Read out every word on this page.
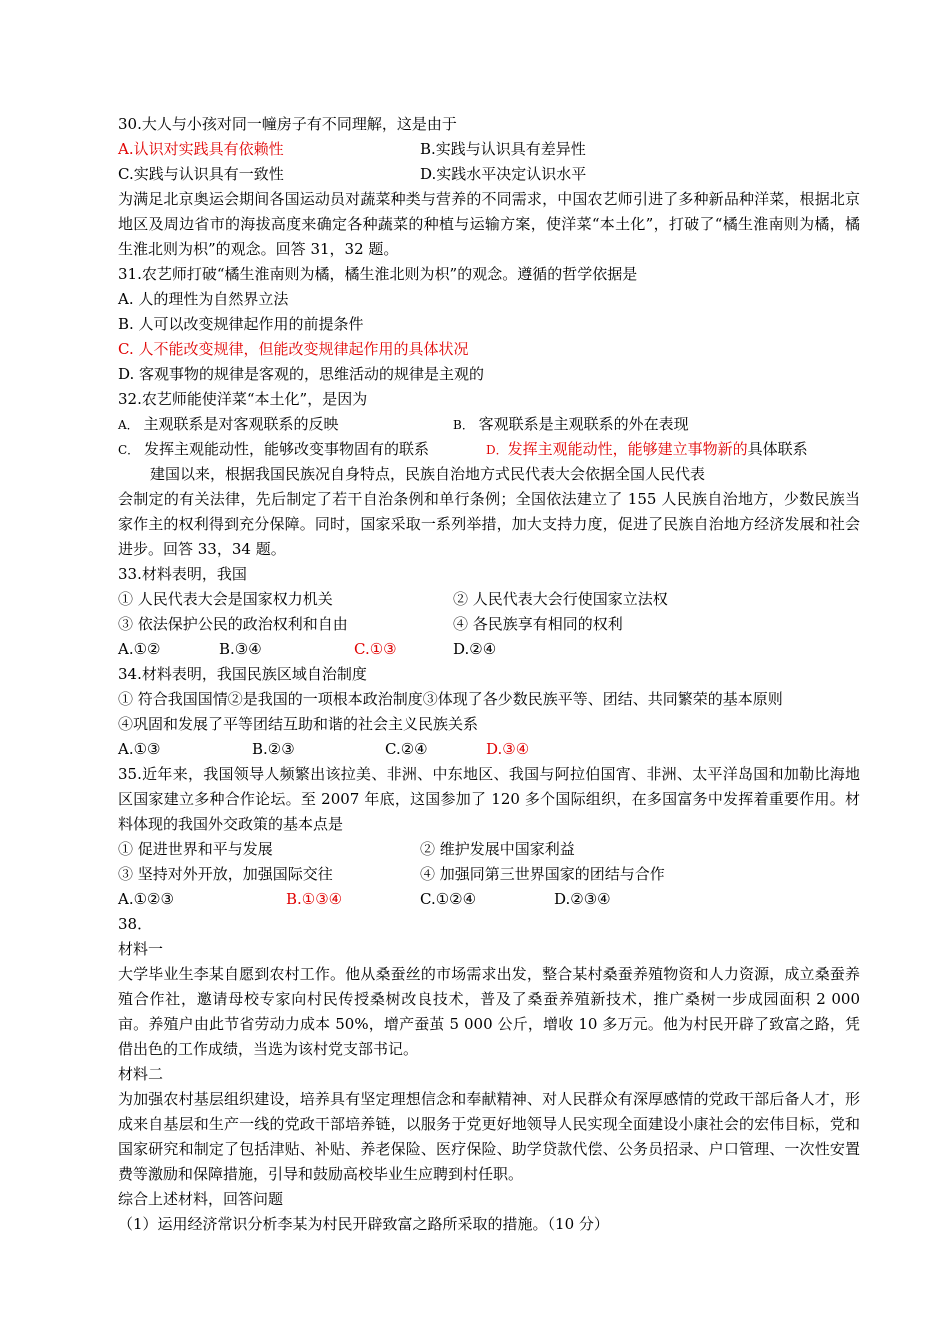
30.大人与小孩对同一幢房子有不同理解，这是由于
A.认识对实践具有依赖性	B.实践与认识具有差异性
C.实践与认识具有一致性	D.实践水平决定认识水平
为满足北京奥运会期间各国运动员对蔬菜种类与营养的不同需求，中国农艺师引进了多种新品种洋菜，根据北京地区及周边省市的海拔高度来确定各种蔬菜的种植与运输方案，使洋菜“本土化”，打破了“橘生淮南则为橘，橘生淮北则为枳”的观念。回答 31，32 题。
31.农艺师打破“橘生淮南则为橘，橘生淮北则为枳”的观念。遵循的哲学依据是
A. 人的理性为自然界立法
B. 人可以改变规律起作用的前提条件
C. 人不能改变规律，但能改变规律起作用的具体状况
D. 客观事物的规律是客观的，思维活动的规律是主观的
32.农艺师能使洋菜“本土化”，是因为
A． 主观联系是对客观联系的反映	B． 客观联系是主观联系的外在表现
C． 发挥主观能动性，能够改变事物固有的联系	D．发挥主观能动性，能够建立事物新的具体联系
建国以来，根据我国民族况自身特点，民族自治地方式民代表大会依据全国人民代表
会制定的有关法律，先后制定了若干自治条例和单行条例；全国依法建立了 155 人民族自治地方，少数民族当家作主的权利得到充分保障。同时，国家采取一系列举措，加大支持力度，促进了民族自治地方经济发展和社会进步。回答 33，34 题。
33.材料表明，我国
① 人民代表大会是国家权力机关	② 人民代表大会行使国家立法权
③ 依法保护公民的政治权利和自由	④ 各民族享有相同的权利
A.①②	B.③④	C.①③	D.②④
34.材料表明，我国民族区域自治制度
① 符合我国国情②是我国的一项根本政治制度③体现了各少数民族平等、团结、共同繁荣的基本原则
④巩固和发展了平等团结互助和谐的社会主义民族关系
A.①③	B.②③	C.②④	D.③④
35.近年来，我国领导人频繁出该拉美、非洲、中东地区、我国与阿拉伯国宵、非洲、太平洋岛国和加勒比海地区国家建立多种合作论坛。至 2007 年底，这国参加了 120 多个国际组织，在多国富务中发挥着重要作用。材料体现的我国外交政策的基本点是
① 促进世界和平与发展	② 维护发展中国家利益
③ 坚持对外开放，加强国际交往	④ 加强同第三世界国家的团结与合作
A.①②③	B.①③④	C.①②④	D.②③④
38．
材料一
大学毕业生李某自愿到农村工作。他从桑蚕丝的市场需求出发，整合某村桑蚕养殖物资和人力资源，成立桑蚕养殖合作社，邀请母校专家向村民传授桑树改良技术，普及了桑蚕养殖新技术，推广桑树一步成园面积 2 000 亩。养殖户由此节省劳动力成本 50%，增产蚕茧 5 000 公斤，增收 10 多万元。他为村民开辟了致富之路，凭借出色的工作成绩，当选为该村党支部书记。
材料二
为加强农村基层组织建设，培养具有坚定理想信念和奉献精神、对人民群众有深厚感情的党政干部后备人才，形成来自基层和生产一线的党政干部培养链，以服务于党更好地领导人民实现全面建设小康社会的宏伟目标，党和国家研究和制定了包括津贴、补贴、养老保险、医疗保险、助学贷款代偿、公务员招录、户口管理、一次性安置费等激励和保障措施，引导和鼓励高校毕业生应聘到村任职。
综合上述材料，回答问题
（1）运用经济常识分析李某为村民开辟致富之路所采取的措施。（10 分）
